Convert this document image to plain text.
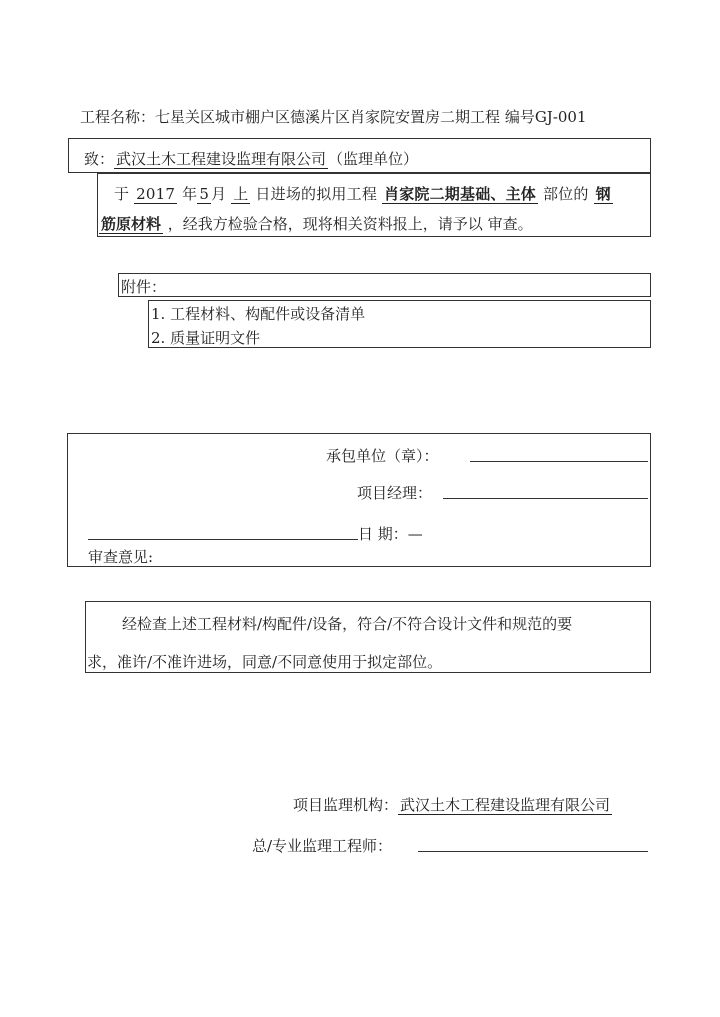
工程名称：七星关区城市棚户区德溪片区肖家院安置房二期工程 编号GJ-001
致： 武汉土木工程建设监理有限公司 （监理单位）
于 2017 年 5 月 上 日进场的拟用工程 肖家院二期基础、主体 部位的 钢
筋原材料 ，经我方检验合格，现将相关资料报上，请予以 审查。
附件：
1. 工程材料、构配件或设备清单
2. 质量证明文件
承包单位（章）：
项目经理：
日 期：—
审查意见:
经检查上述工程材料/构配件/设备，符合/不符合设计文件和规范的要
求，准许/不准许进场，同意/不同意使用于拟定部位。
项目监理机构： 武汉土木工程建设监理有限公司
总/专业监理工程师：
